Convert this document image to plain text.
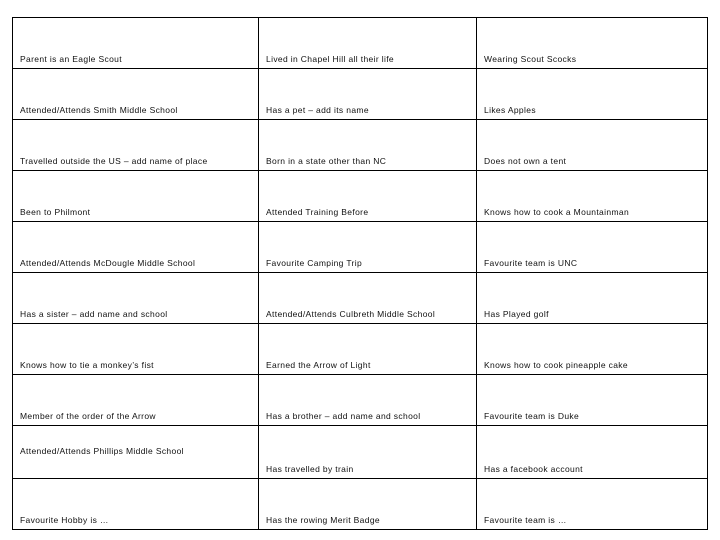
Parent is an Eagle Scout	Lived in Chapel Hill all their life	Wearing Scout Scocks
Attended/Attends Smith Middle School	Has a pet – add its name	Likes Apples
Travelled outside the US – add name of place	Born in a state other than NC	Does not own a tent
Been to Philmont	Attended Training Before	Knows how to cook a Mountainman
Attended/Attends McDougle Middle School	Favourite Camping Trip	Favourite team is UNC
Has a sister – add name and school	Attended/Attends Culbreth Middle School	Has Played golf
Knows how to tie a monkey’s fist	Earned the Arrow of Light	Knows how to cook pineapple cake
Member of the order of the Arrow	Has a brother – add name and school	Favourite team is Duke
Attended/Attends Phillips Middle School	Has travelled by train	Has a facebook account
Favourite Hobby is …	Has the rowing Merit Badge	Favourite team is …
